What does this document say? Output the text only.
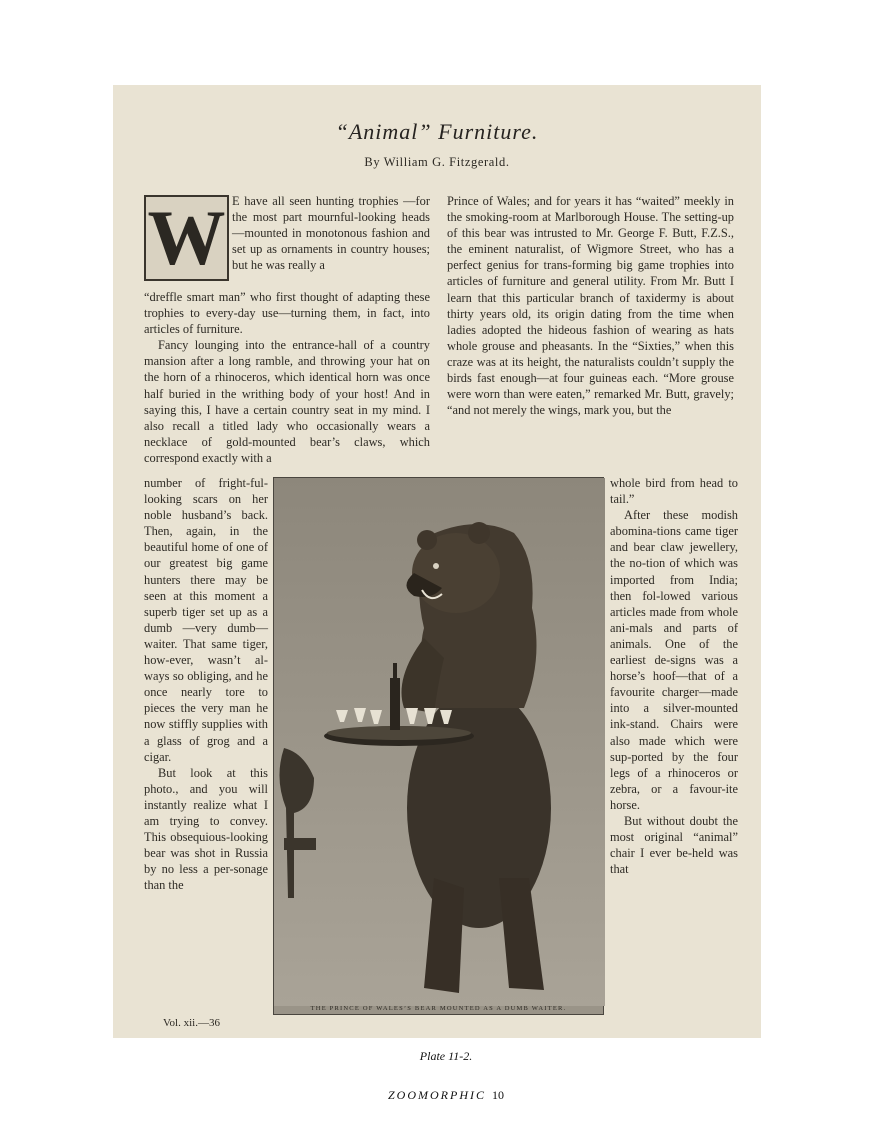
“Animal” Furniture.
By William G. Fitzgerald.
W E have all seen hunting trophies —for the most part mournful-looking heads—mounted in monotonous fashion and set up as ornaments in country houses; but he was really a

“dreffle smart man” who first thought of adapting these trophies to every-day use—turning them, in fact, into articles of furniture.

Fancy lounging into the entrance-hall of a country mansion after a long ramble, and throwing your hat on the horn of a rhinoceros, which identical horn was once half buried in the writhing body of your host! And in saying this, I have a certain country seat in my mind. I also recall a titled lady who occasionally wears a necklace of gold-mounted bear’s claws, which correspond exactly with a

Prince of Wales; and for years it has “waited” meekly in the smoking-room at Marlborough House. The setting-up of this bear was intrusted to Mr. George F. Butt, F.Z.S., the eminent naturalist, of Wigmore Street, who has a perfect genius for trans-forming big game trophies into articles of furniture and general utility. From Mr. Butt I learn that this particular branch of taxidermy is about thirty years old, its origin dating from the time when ladies adopted the hideous fashion of wearing as hats whole grouse and pheasants. In the “Sixties,” when this craze was at its height, the naturalists couldn’t supply the birds fast enough—at four guineas each. “More grouse were worn than were eaten,” remarked Mr. Butt, gravely; “and not merely the wings, mark you, but the

number of fright-ful-looking scars on her noble husband’s back. Then, again, in the beautiful home of one of our greatest big game hunters there may be seen at this moment a superb tiger set up as a dumb —very dumb—waiter. That same tiger, how-ever, wasn’t al-ways so obliging, and he once nearly tore to pieces the very man he now stiffly supplies with a glass of grog and a cigar.

But look at this photo., and you will instantly realize what I am trying to convey. This obsequious-looking bear was shot in Russia by no less a per-sonage than the

whole bird from head to tail.”

After these modish abomina-tions came tiger and bear claw jewellery, the no-tion of which was imported from India; then fol-lowed various articles made from whole ani-mals and parts of animals. One of the earliest de-signs was a horse’s hoof—that of a favourite charger—made into a silver-mounted ink-stand. Chairs were also made which were sup-ported by the four legs of a rhinoceros or zebra, or a favour-ite horse.

But without doubt the most original “animal” chair I ever be-held was that

THE PRINCE OF WALES’S BEAR MOUNTED AS A DUMB WAITER.
Vol. xii.—36
Plate 11-2.
ZOOMORPHIC 10
